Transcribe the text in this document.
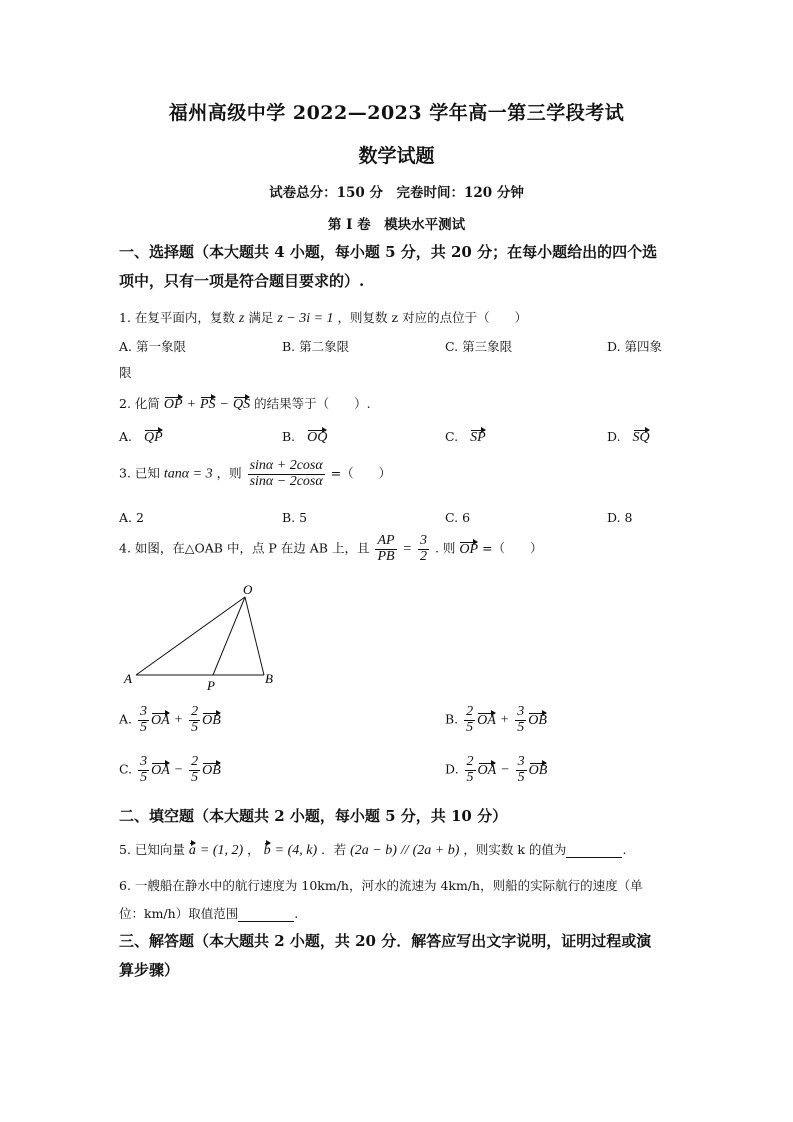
福州高级中学 2022—2023 学年高一第三学段考试
数学试题
试卷总分：150 分　完卷时间：120 分钟
第 I 卷　模块水平测试
一、选择题（本大题共 4 小题，每小题 5 分，共 20 分；在每小题给出的四个选
项中，只有一项是符合题目要求的）.
1. 在复平面内，复数 z 满足 z − 3i = 1 ，则复数 z 对应的点位于（　　）
A. 第一象限	B. 第二象限	C. 第三象限	D. 第四象
限
2. 化简 OP + PS − QS 的结果等于（　　）.
A. QP	B. OQ	C. SP	D. SQ
3. 已知 tanα = 3 ，则 $\frac{\sin\alpha + 2\cos\alpha}{\sin\alpha - 2\cos\alpha}$ =（　　）
A. 2	B. 5	C. 6	D. 8
4. 如图，在△OAB 中，点 P 在边 AB 上，且 $\frac{AP}{PB} = \frac{3}{2}$ . 则 OP =（　　）
O
A	P	B
A. $\frac{3}{5}$ OA + $\frac{2}{5}$ OB	B. $\frac{2}{5}$ OA + $\frac{3}{5}$ OB
C. $\frac{3}{5}$ OA − $\frac{2}{5}$ OB	D. $\frac{2}{5}$ OA − $\frac{3}{5}$ OB
二、填空题（本大题共 2 小题，每小题 5 分，共 10 分）
5. 已知向量 a = (1, 2) ， b = (4, k) ．若 (2a − b) // (2a + b) ，则实数 k 的值为	.
6. 一艘船在静水中的航行速度为 10km/h，河水的流速为 4km/h，则船的实际航行的速度（单
位：km/h）取值范围	.
三、解答题（本大题共 2 小题，共 20 分．解答应写出文字说明，证明过程或演
算步骤）
